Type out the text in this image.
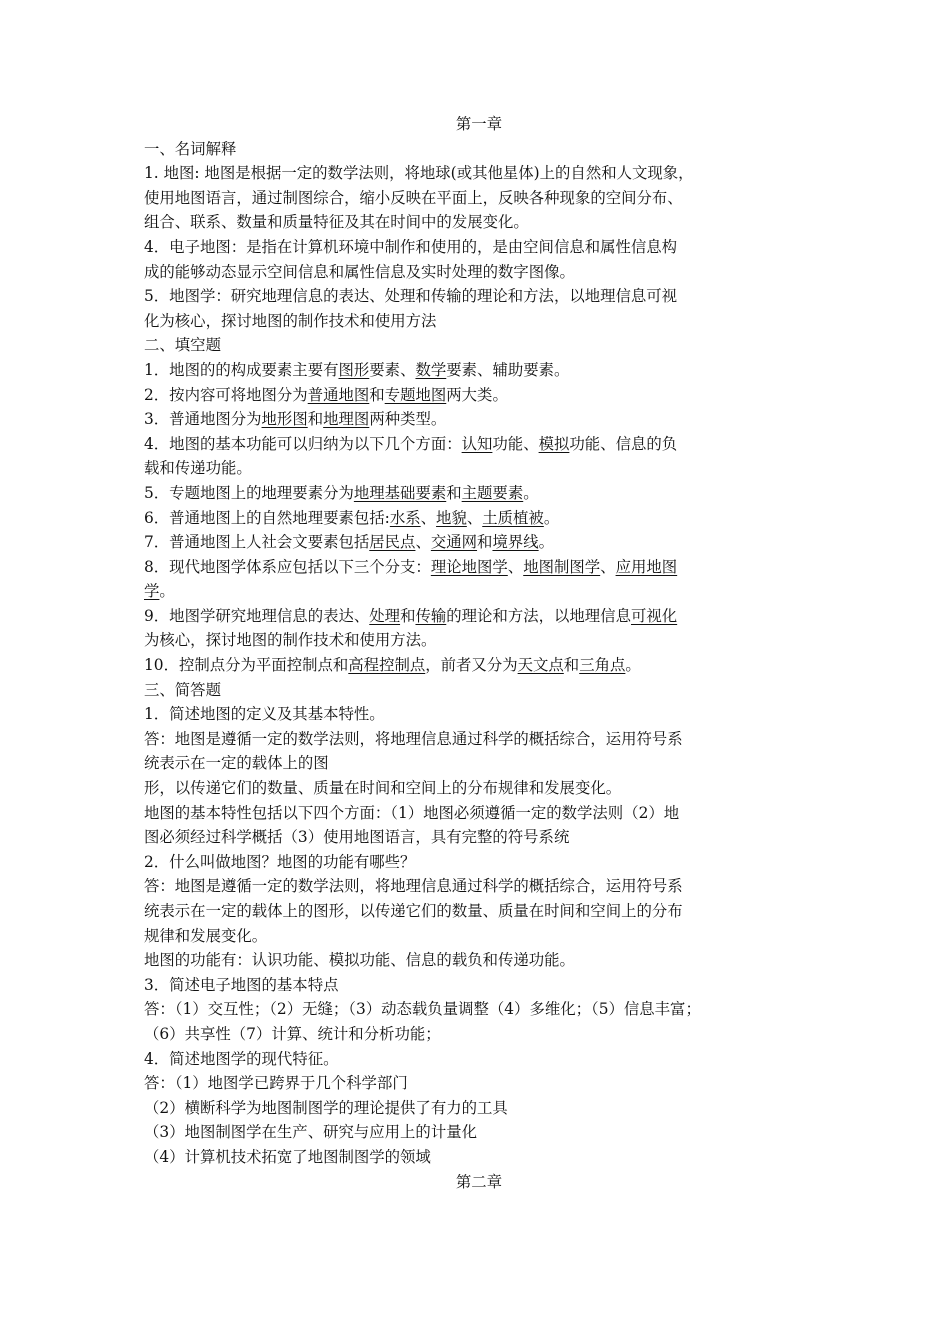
第一章
一、名词解释
1. 地图: 地图是根据一定的数学法则，将地球(或其他星体)上的自然和人文现象，
使用地图语言，通过制图综合，缩小反映在平面上，反映各种现象的空间分布、
组合、联系、数量和质量特征及其在时间中的发展变化。
4．电子地图：是指在计算机环境中制作和使用的，是由空间信息和属性信息构
成的能够动态显示空间信息和属性信息及实时处理的数字图像。
5．地图学：研究地理信息的表达、处理和传输的理论和方法，以地理信息可视
化为核心，探讨地图的制作技术和使用方法
二、填空题
1．地图的的构成要素主要有图形要素、数学要素、辅助要素。
2．按内容可将地图分为普通地图和专题地图两大类。
3．普通地图分为地形图和地理图两种类型。
4．地图的基本功能可以归纳为以下几个方面：认知功能、模拟功能、信息的负
载和传递功能。
5．专题地图上的地理要素分为地理基础要素和主题要素。
6．普通地图上的自然地理要素包括:水系、地貌、土质植被。
7．普通地图上人社会文要素包括居民点、交通网和境界线。
8．现代地图学体系应包括以下三个分支：理论地图学、地图制图学、应用地图
学。
9．地图学研究地理信息的表达、处理和传输的理论和方法，以地理信息可视化
为核心，探讨地图的制作技术和使用方法。
10．控制点分为平面控制点和高程控制点，前者又分为天文点和三角点。
三、简答题
1．简述地图的定义及其基本特性。
答：地图是遵循一定的数学法则，将地理信息通过科学的概括综合，运用符号系
统表示在一定的载体上的图
形，以传递它们的数量、质量在时间和空间上的分布规律和发展变化。
地图的基本特性包括以下四个方面：（1）地图必须遵循一定的数学法则（2）地
图必须经过科学概括（3）使用地图语言，具有完整的符号系统
2．什么叫做地图？地图的功能有哪些？
答：地图是遵循一定的数学法则，将地理信息通过科学的概括综合，运用符号系
统表示在一定的载体上的图形，以传递它们的数量、质量在时间和空间上的分布
规律和发展变化。
地图的功能有：认识功能、模拟功能、信息的载负和传递功能。
3．简述电子地图的基本特点
答：（1）交互性；（2）无缝；（3）动态载负量调整（4）多维化；（5）信息丰富；
（6）共享性（7）计算、统计和分析功能；
4．简述地图学的现代特征。
答：（1）地图学已跨界于几个科学部门
（2）横断科学为地图制图学的理论提供了有力的工具
（3）地图制图学在生产、研究与应用上的计量化
（4）计算机技术拓宽了地图制图学的领域
第二章
